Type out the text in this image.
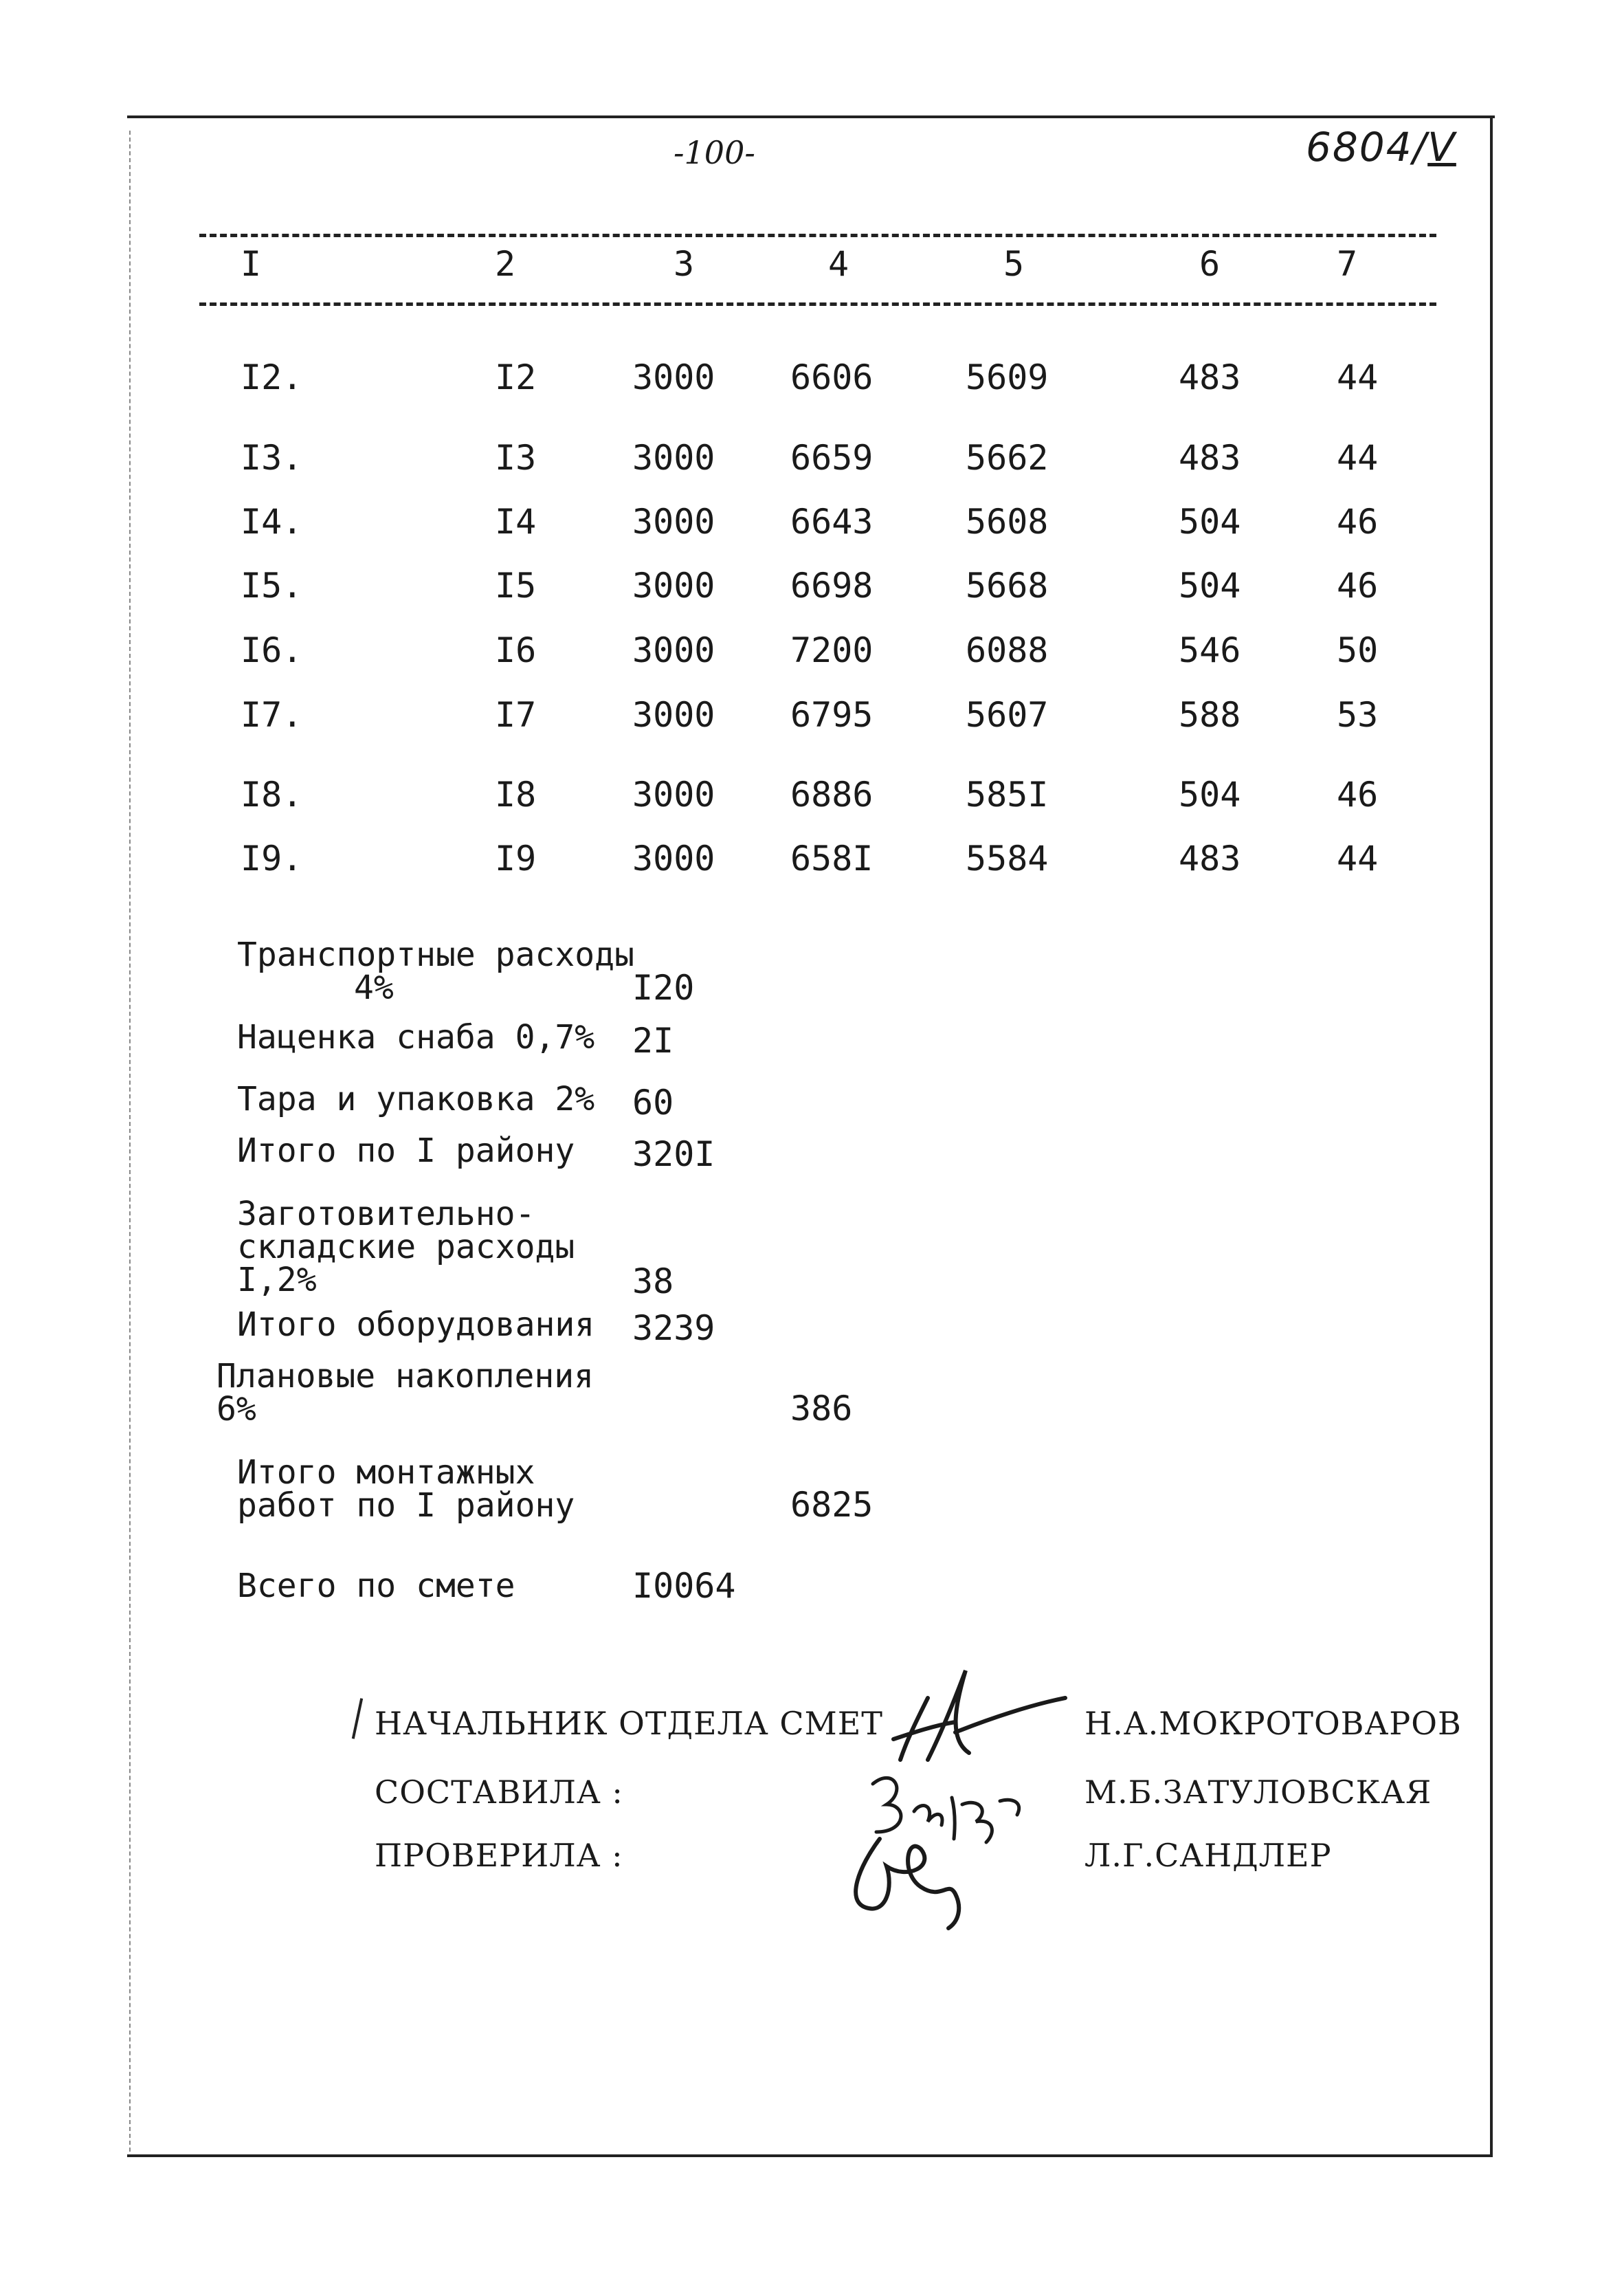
-100-	6804/V
I	2	3	4	5	6	7
I2.	I2	3000 6606	5609	483	44
I3.	I3	3000 6659	5662	483	44
I4.	I4	3000 6643	5608	504	46
I5.	I5	3000 6698	5668	504	46
I6.	I6	3000 7200	6088	546	50
I7.	I7	3000 6795	5607	588	53
I8.	I8	3000 6886	585I	504	46
I9.	I9	3000 658I	5584	483	44
Транспортные расходы
4%	I20
Наценка снаба 0,7% 2I
Тара и упаковка 2% 60
Итого по I району 320I
Заготовительно-
складские расходы
I,2%	38
Итого оборудования 3239
Плановые накопления
6%	386
Итого монтажных
работ по I району	6825
Всего по смете	I0064
НАЧАЛЬНИК ОТДЕЛА СМЕТ
СОСТАВИЛА :
ПРОВЕРИЛА :
Н.А.МОКРОТОВАРОВ
М.Б.ЗАТУЛОВСКАЯ
Л.Г.САНДЛЕР
